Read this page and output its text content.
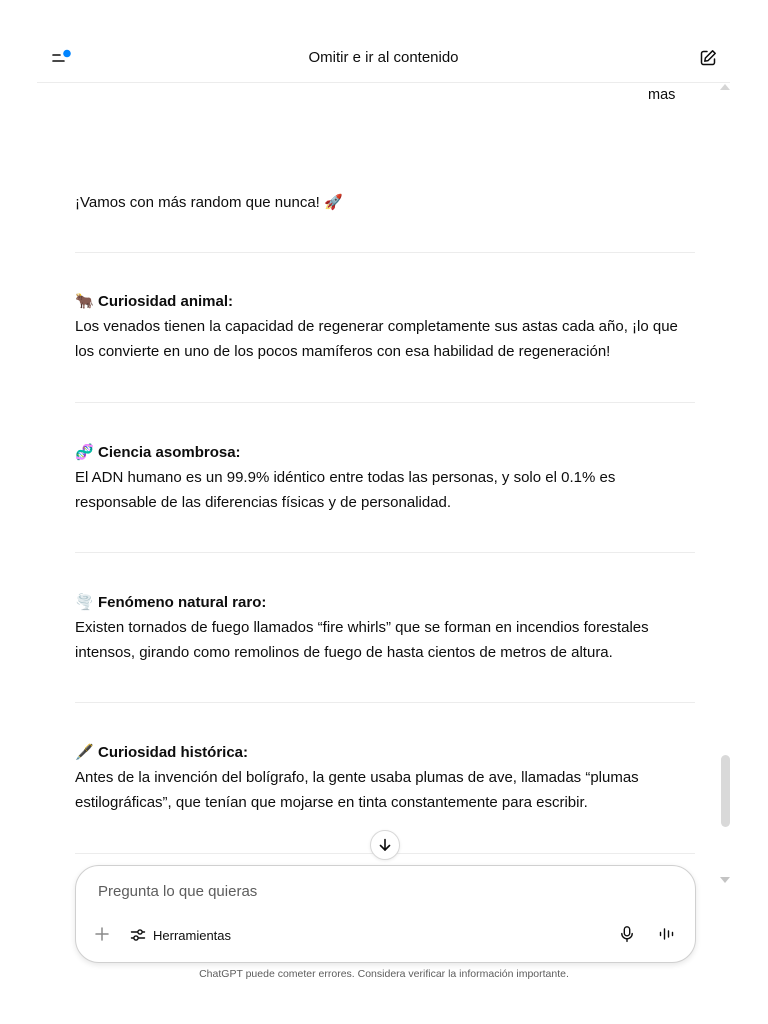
Omitir e ir al contenido
mas
¡Vamos con más random que nunca! 🚀
🐂 Curiosidad animal:
Los venados tienen la capacidad de regenerar completamente sus astas cada año, ¡lo que los convierte en uno de los pocos mamíferos con esa habilidad de regeneración!
🧬 Ciencia asombrosa:
El ADN humano es un 99.9% idéntico entre todas las personas, y solo el 0.1% es responsable de las diferencias físicas y de personalidad.
🌪️ Fenómeno natural raro:
Existen tornados de fuego llamados “fire whirls” que se forman en incendios forestales intensos, girando como remolinos de fuego de hasta cientos de metros de altura.
🖋️ Curiosidad histórica:
Antes de la invención del bolígrafo, la gente usaba plumas de ave, llamadas “plumas estilográficas”, que tenían que mojarse en tinta constantemente para escribir.
Pregunta lo que quieras
Herramientas
ChatGPT puede cometer errores. Considera verificar la información importante.
